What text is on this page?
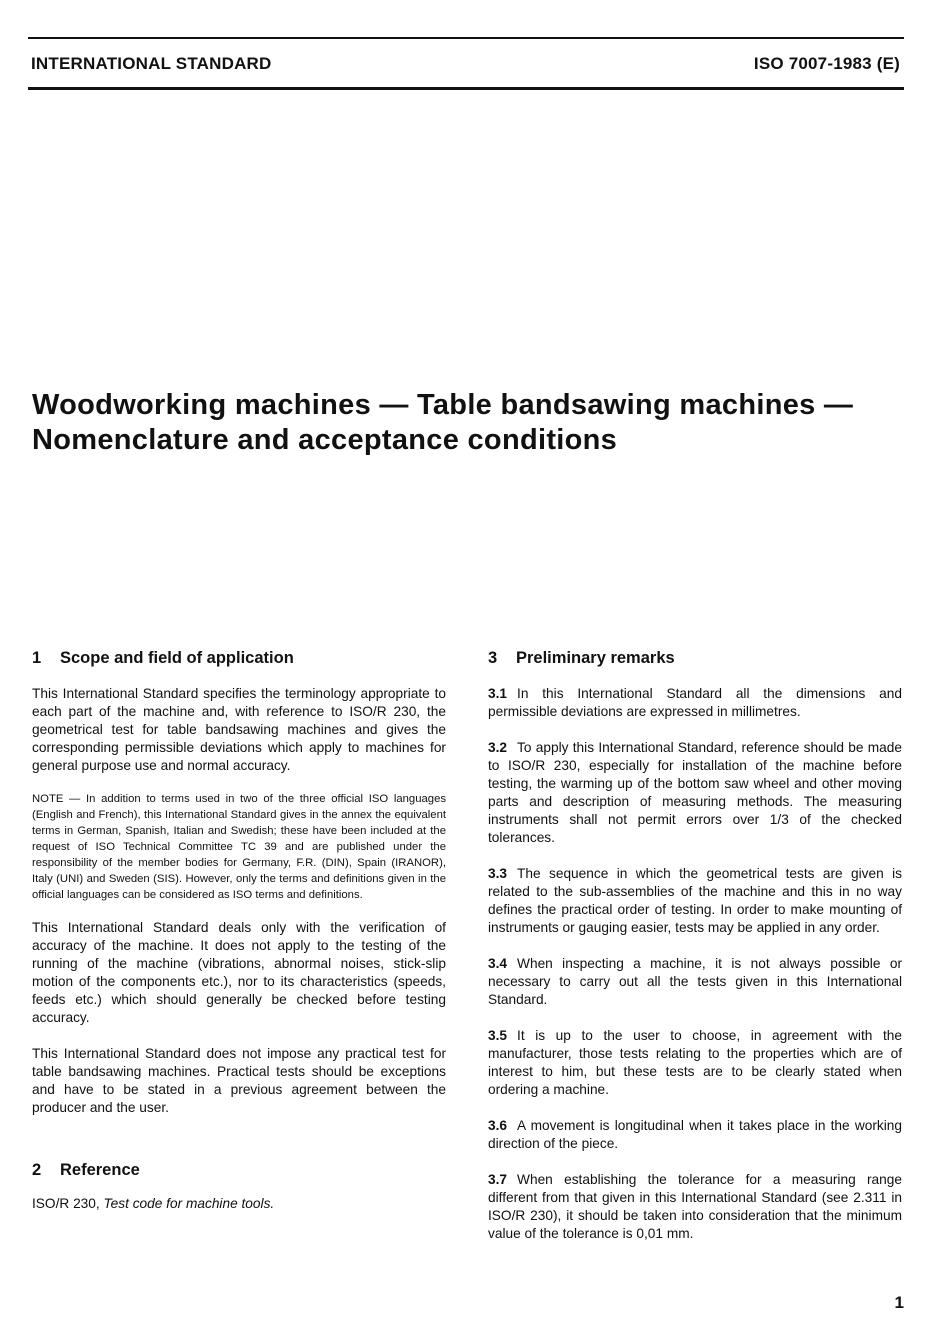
INTERNATIONAL STANDARD	ISO 7007-1983 (E)
Woodworking machines — Table bandsawing machines —
Nomenclature and acceptance conditions
1 Scope and field of application

This International Standard specifies the terminology appropriate to each part of the machine and, with reference to ISO/R 230, the geometrical test for table bandsawing machines and gives the corresponding permissible deviations which apply to machines for general purpose use and normal accuracy.

NOTE — In addition to terms used in two of the three official ISO languages (English and French), this International Standard gives in the annex the equivalent terms in German, Spanish, Italian and Swedish; these have been included at the request of ISO Technical Committee TC 39 and are published under the responsibility of the member bodies for Germany, F.R. (DIN), Spain (IRANOR), Italy (UNI) and Sweden (SIS). However, only the terms and definitions given in the official languages can be considered as ISO terms and definitions.

This International Standard deals only with the verification of accuracy of the machine. It does not apply to the testing of the running of the machine (vibrations, abnormal noises, stick-slip motion of the components etc.), nor to its characteristics (speeds, feeds etc.) which should generally be checked before testing accuracy.

This International Standard does not impose any practical test for table bandsawing machines. Practical tests should be exceptions and have to be stated in a previous agreement between the producer and the user.

2 Reference

ISO/R 230, Test code for machine tools.

3 Preliminary remarks

3.1 In this International Standard all the dimensions and permissible deviations are expressed in millimetres.

3.2 To apply this International Standard, reference should be made to ISO/R 230, especially for installation of the machine before testing, the warming up of the bottom saw wheel and other moving parts and description of measuring methods. The measuring instruments shall not permit errors over 1/3 of the checked tolerances.

3.3 The sequence in which the geometrical tests are given is related to the sub-assemblies of the machine and this in no way defines the practical order of testing. In order to make mounting of instruments or gauging easier, tests may be applied in any order.

3.4 When inspecting a machine, it is not always possible or necessary to carry out all the tests given in this International Standard.

3.5 It is up to the user to choose, in agreement with the manufacturer, those tests relating to the properties which are of interest to him, but these tests are to be clearly stated when ordering a machine.

3.6 A movement is longitudinal when it takes place in the working direction of the piece.

3.7 When establishing the tolerance for a measuring range different from that given in this International Standard (see 2.311 in ISO/R 230), it should be taken into consideration that the minimum value of the tolerance is 0,01 mm.

1
